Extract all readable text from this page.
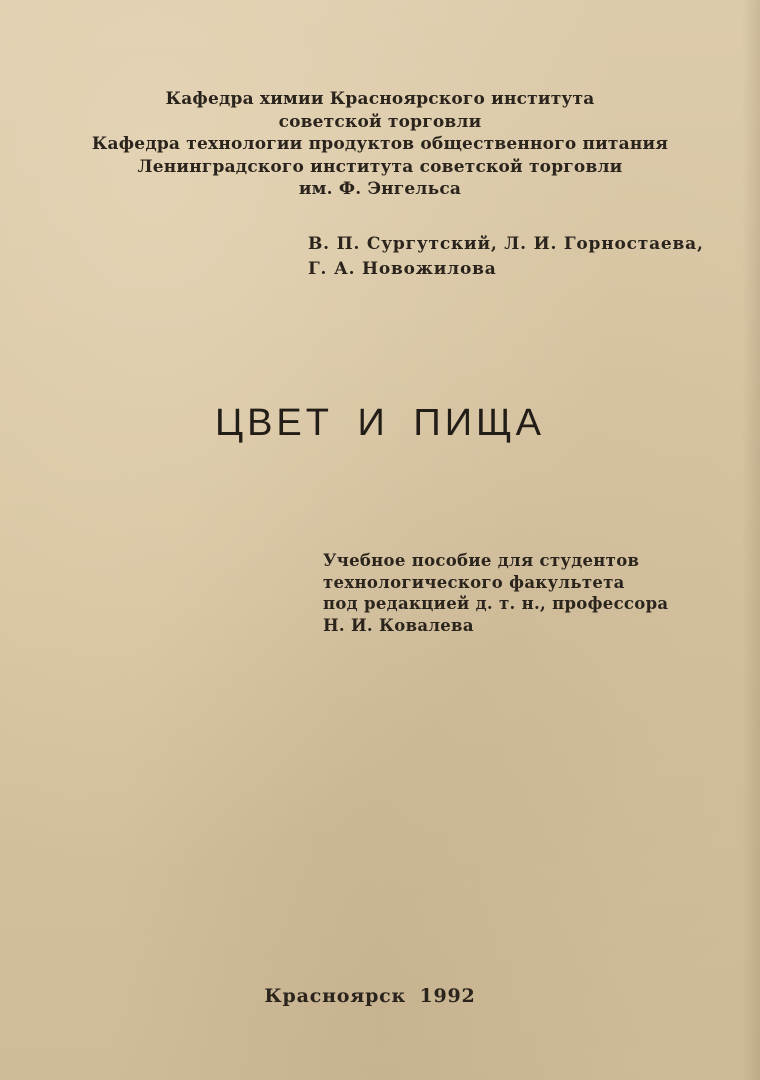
Кафедра химии Красноярского института
советской торговли
Кафедра технологии продуктов общественного питания
Ленинградского института советской торговли
им. Ф. Энгельса
В. П. Сургутский, Л. И. Горностаева,
Г. А. Новожилова
ЦВЕТ И ПИЩА
Учебное пособие для студентов
технологического факультета
под редакцией д. т. н., профессора
Н. И. Ковалева
Красноярск 1992
